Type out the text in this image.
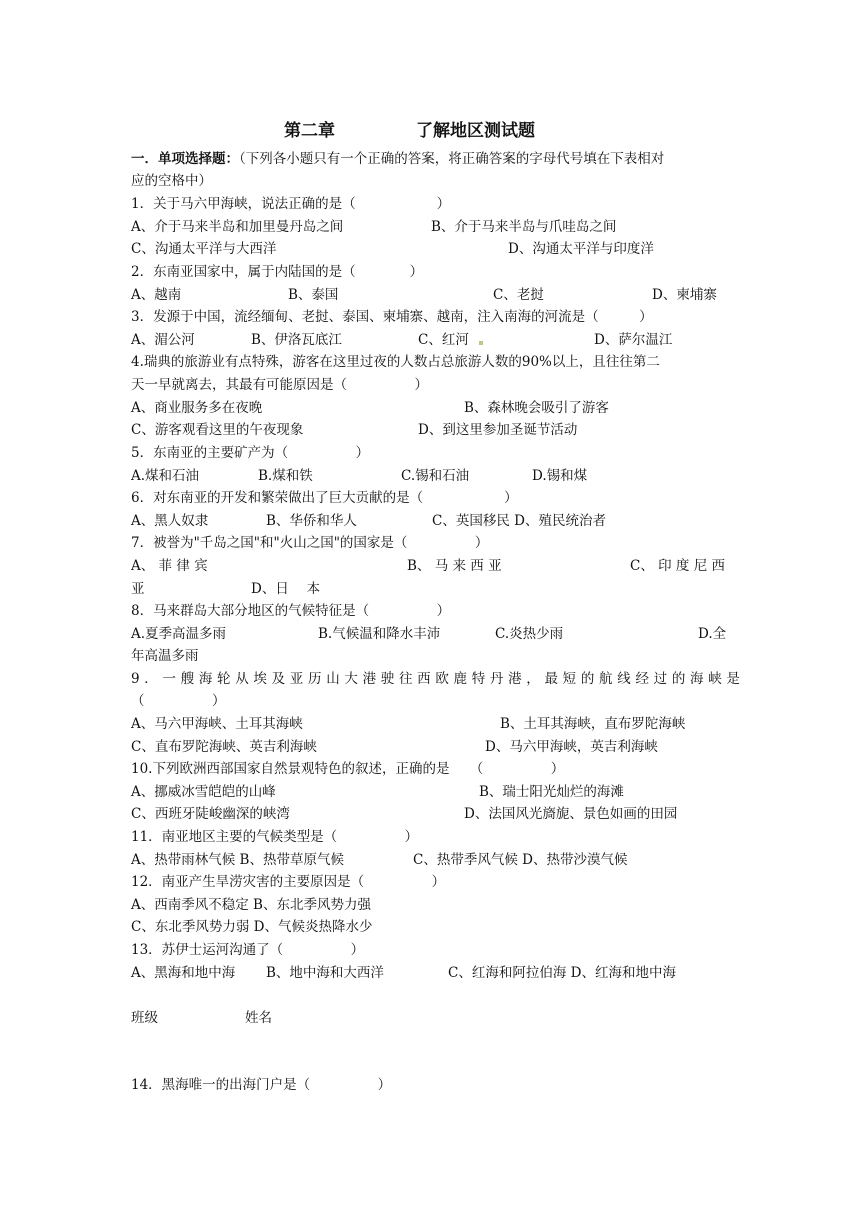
第二章	了解地区测试题
一．单项选择题：（下列各小题只有一个正确的答案，将正确答案的字母代号填在下表相对
应的空格中）
1．关于马六甲海峡，说法正确的是（　　　　　　）
A、介于马来半岛和加里曼丹岛之间	B、介于马来半岛与爪哇岛之间
C、沟通太平洋与大西洋	D、沟通太平洋与印度洋
2．东南亚国家中，属于内陆国的是（　　　　）
A、越南	B、泰国	C、老挝	D、柬埔寨
3．发源于中国，流经缅甸、老挝、泰国、柬埔寨、越南，注入南海的河流是（　　　）
A、湄公河	B、伊洛瓦底江	C、红河	D、萨尔温江
4.瑞典的旅游业有点特殊，游客在这里过夜的人数占总旅游人数的90%以上，且往往第二
天一早就离去，其最有可能原因是（　　　　　）
A、商业服务多在夜晚	B、森林晚会吸引了游客
C、游客观看这里的午夜现象	D、到这里参加圣诞节活动
5．东南亚的主要矿产为（　　　　　）
A.煤和石油	B.煤和铁	C.锡和石油	D.锡和煤
6．对东南亚的开发和繁荣做出了巨大贡献的是（　　　　　　）
A、黑人奴隶	B、华侨和华人	C、英国移民 D、殖民统治者
7．被誉为"千岛之国"和"火山之国"的国家是（　　　　　）
A、 菲 律 宾	B、 马 来 西 亚	C、 印 度 尼 西
亚	D、日　 本
8．马来群岛大部分地区的气候特征是（　　　　　）
A.夏季高温多雨	B.气候温和降水丰沛	C.炎热少雨	D.全
年高温多雨
9 ． 一 艘 海 轮 从 埃 及 亚 历 山 大 港 驶 往 西 欧 鹿 特 丹 港 ， 最 短 的 航 线 经 过 的 海 峡 是
（　　　　　）
A、马六甲海峡、土耳其海峡	B、土耳其海峡，直布罗陀海峡
C、直布罗陀海峡、英吉利海峡	D、马六甲海峡，英吉利海峡
10.下列欧洲西部国家自然景观特色的叙述，正确的是　　（　　　　　）
A、挪威冰雪皑皑的山峰	B、瑞士阳光灿烂的海滩
C、西班牙陡峻幽深的峡湾	D、法国风光旖旎、景色如画的田园
11．南亚地区主要的气候类型是（　　　　　）
A、热带雨林气候 B、热带草原气候	C、热带季风气候 D、热带沙漠气候
12．南亚产生旱涝灾害的主要原因是（　　　　　）
A、西南季风不稳定 B、东北季风势力强
C、东北季风势力弱 D、气候炎热降水少
13．苏伊士运河沟通了（　　　　　）
A、黑海和地中海 B、地中海和大西洋	C、红海和阿拉伯海 D、红海和地中海
班级	姓名
14．黑海唯一的出海门户是（　　　　　）
